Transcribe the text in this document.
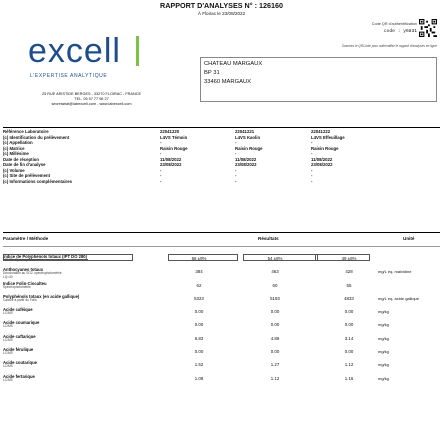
RAPPORT D'ANALYSES N° : 126160
À Floirac le 23/08/2022
Code QR d'authentification
code : y6831
Scannez le QRCode pour authentifier le rapport d'analyses en ligne
excell
L'EXPERTISE ANALYTIQUE
25 RUE ARISTIDE BERGES - 33270 FLOIRAC - FRANCE
TEL. 05 57 77 96 27
secretariat@labexcell.com - www.labexcell.com
CHATEAU MARGAUX
BP 31
33460 MARGAUX
Référence Laboratoire	22041220	22041221	22041222
(c) Identification du prélèvement	L4VS Témoin	L4VS Kaolin	L4VS Effeuillage
(c) Appellation	-	-	-
(c) Matrice	Raisin Rouge	Raisin Rouge	Raisin Rouge
(c) Millésime	-	-	-
Date de réception	11/08/2022	11/08/2022	11/08/2022
Date de fin d'analyse	23/08/2022	23/08/2022	23/08/2022
(c) Volume	-	-	-
(c) Site de prélèvement	-	-	-
(c) Informations complémentaires	-	-	-
Paramètre / Méthode	Résultats	Unité
Indice de Polyphénols totaux (IPT DO 280)
MO.25 : Spectrophotométrie	56 ±9%	54 ±8%	49 ±8%
Anthocyanes totaux
Décoloration au SO2, spectrophotométrie
LQ=30
384	463	428	mg/L eq. malvidine
Indice Folin-Ciocalteu
Spectrophotométrie	62	60	55
Polyphénols totaux (en acide gallique)
Calculé à partir du Folin	5323	5193	4833	mg/L eq. acide gallique
Acide caféique
LC/MS	0.00	0.00	0.00	mg/kg
Acide coumarique
LC/MS	0.00	0.00	0.00	mg/kg
Acide caftarique
LC/MS	6.83	4.86	3.14	mg/kg
Acide férulique
LC/MS	0.00	0.00	0.00	mg/kg
Acide coutarique
LC/MS	1.52	1.27	1.12	mg/kg
Acide fertarique
LC/MS	1.08	1.12	1.16	mg/kg
